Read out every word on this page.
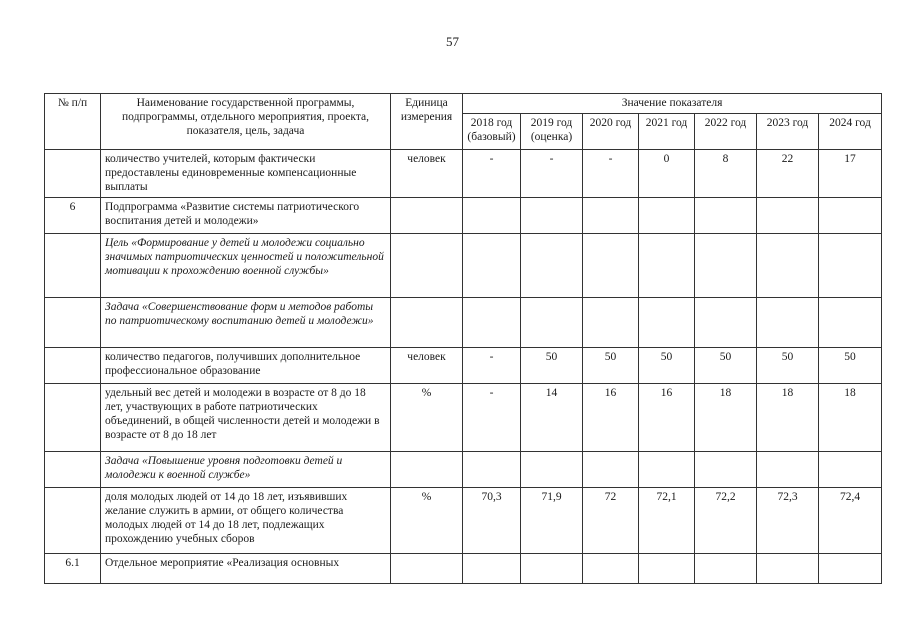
57
№ п/п	Наименование государственной программы, подпрограммы, отдельного мероприятия, проекта, показателя, цель, задача	Единица измерения	Значение показателя						
			2018 год (базовый)	2019 год (оценка)	2020 год	2021 год	2022 год	2023 год	2024 год
	количество учителей, которым фактически предоставлены единовременные компенсационные выплаты	человек	-	-	-	0	8	22	17
6	Подпрограмма «Развитие системы патриотического воспитания детей и молодежи»								
	Цель «Формирование у детей и молодежи социально значимых патриотических ценностей и положительной мотивации к прохождению военной службы»								
	Задача «Совершенствование форм и методов работы по патриотическому воспитанию детей и молодежи»								
	количество педагогов, получивших дополнительное профессиональное образование	человек	-	50	50	50	50	50	50
	удельный вес детей и молодежи в возрасте от 8 до 18 лет, участвующих в работе патриотических объединений, в общей численности детей и молодежи в возрасте от 8 до 18 лет	%	-	14	16	16	18	18	18
	Задача «Повышение уровня подготовки детей и молодежи к военной службе»								
	доля молодых людей от 14 до 18 лет, изъявивших желание служить в армии, от общего количества молодых людей от 14 до 18 лет, подлежащих прохождению учебных сборов	%	70,3	71,9	72	72,1	72,2	72,3	72,4
6.1	Отдельное мероприятие «Реализация основных								
